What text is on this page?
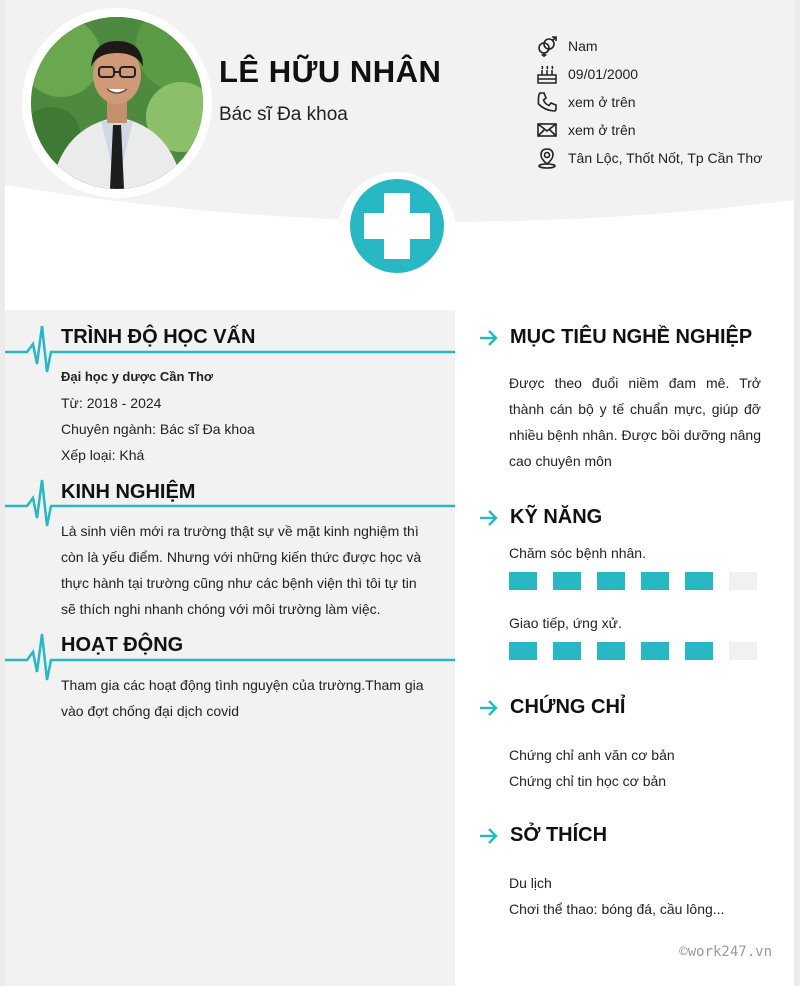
LÊ HỮU NHÂN
Bác sĩ Đa khoa
Nam
09/01/2000
xem ở trên
xem ở trên
Tân Lộc, Thốt Nốt, Tp Cần Thơ
TRÌNH ĐỘ HỌC VẤN
Đại học y dược Cần Thơ
Từ: 2018 - 2024
Chuyên ngành: Bác sĩ Đa khoa
Xếp loại: Khá
KINH NGHIỆM
Là sinh viên mới ra trường thật sự về mặt kinh nghiệm thì còn là yếu điểm. Nhưng với những kiến thức được học và thực hành tại trường cũng như các bệnh viện thì tôi tự tin sẽ thích nghi nhanh chóng với môi trường làm việc.
HOẠT ĐỘNG
Tham gia các hoạt động tình nguyện của trường.Tham gia vào đợt chống đại dịch covid
MỤC TIÊU NGHỀ NGHIỆP
Được theo đuổi niềm đam mê. Trở thành cán bộ y tế chuẩn mực, giúp đỡ nhiều bệnh nhân. Được bồi dưỡng nâng cao chuyên môn
KỸ NĂNG
Chăm sóc bệnh nhân.
Giao tiếp, ứng xử.
CHỨNG CHỈ
Chứng chỉ anh văn cơ bản
Chứng chỉ tin học cơ bản
SỞ THÍCH
Du lịch
Chơi thể thao: bóng đá, cầu lông...
©work247.vn
